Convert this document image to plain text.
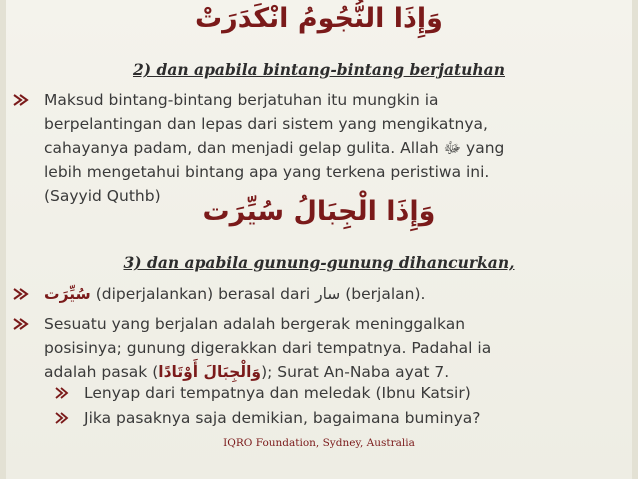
وَإِذَا النُّجُومُ انْكَدَرَتْ
2) dan apabila bintang-bintang berjatuhan
Maksud bintang-bintang berjatuhan itu mungkin ia
berpelantingan dan lepas dari sistem yang mengikatnya,
cahayanya padam, dan menjadi gelap gulita. Allah ﷻ yang
lebih mengetahui bintang apa yang terkena peristiwa ini.
(Sayyid Quthb)	وَإِذَا الْجِبَالُ سُيِّرَت
3) dan apabila gunung-gunung dihancurkan,
سُيِّرَت (diperjalankan) berasal dari سار (berjalan).
Sesuatu yang berjalan adalah bergerak meninggalkan
posisinya; gunung digerakkan dari tempatnya. Padahal ia
adalah pasak (وَالْجِبَالَ أَوْتَادًا); Surat An-Naba ayat 7.
Lenyap dari tempatnya dan meledak (Ibnu Katsir)
Jika pasaknya saja demikian, bagaimana buminya?
IQRO Foundation, Sydney, Australia
